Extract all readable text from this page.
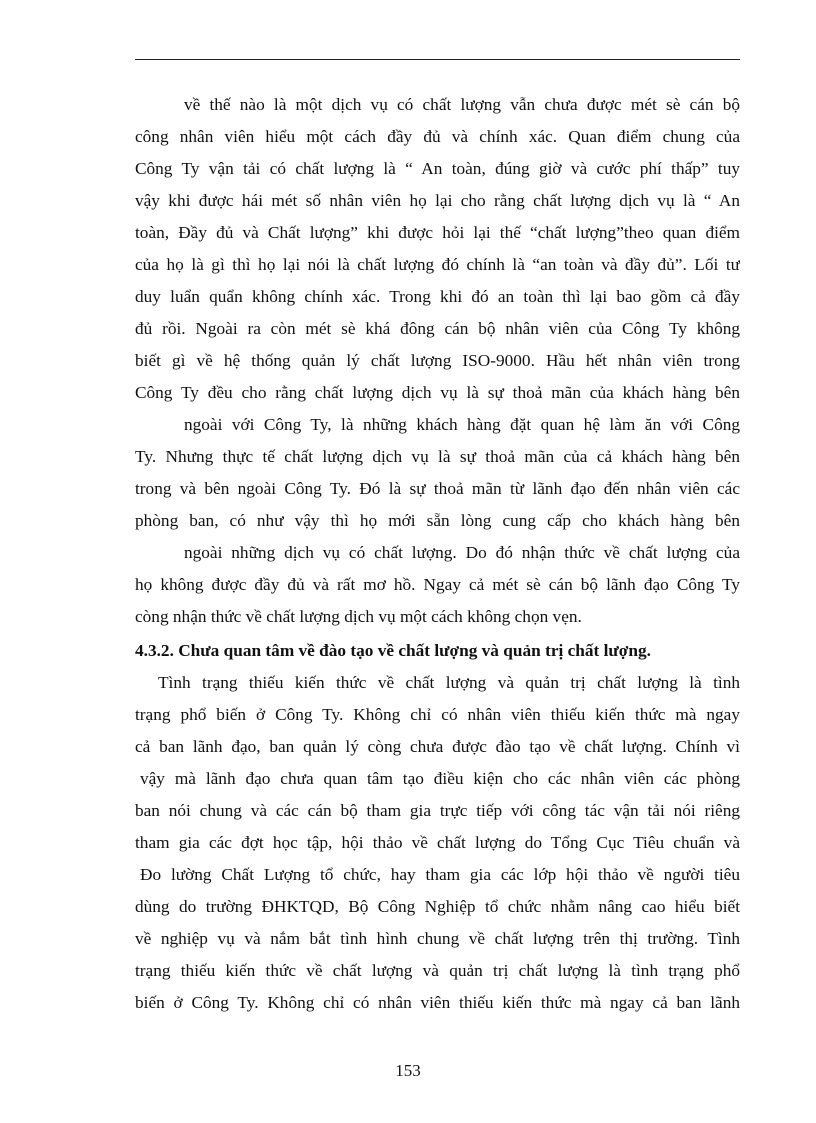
về thế nào là một dịch vụ có chất lượng vẫn chưa được mét sè cán bộ
công nhân viên hiểu một cách đầy đủ và chính xác. Quan điểm chung của
Công Ty vận tải có chất lượng là “ An toàn, đúng giờ và cước phí thấp” tuy
vậy khi được hái mét số nhân viên họ lại cho rằng chất lượng dịch vụ là “ An
toàn, Đầy đủ và Chất lượng” khi được hỏi lại thế “chất lượng”theo quan điểm
của họ là gì thì họ lại nói là chất lượng đó chính là “an toàn và đầy đủ”. Lối tư
duy luẩn quẩn không chính xác. Trong khi đó an toàn thì lại bao gồm cả đầy
đủ rồi. Ngoài ra còn mét sè khá đông cán bộ nhân viên của Công Ty không
biết gì về hệ thống quản lý chất lượng ISO-9000. Hầu hết nhân viên trong
Công Ty đều cho rằng chất lượng dịch vụ là sự thoả mãn của khách hàng bên
ngoài với Công Ty, là những khách hàng đặt quan hệ làm ăn với Công
Ty. Nhưng thực tế chất lượng dịch vụ là sự thoả mãn của cả khách hàng bên
trong và bên ngoài Công Ty. Đó là sự thoả mãn từ lãnh đạo đến nhân viên các
phòng ban, có như vậy thì họ mới sẵn lòng cung cấp cho khách hàng bên
ngoài những dịch vụ có chất lượng. Do đó nhận thức về chất lượng của
họ không được đầy đủ và rất mơ hồ. Ngay cả mét sè cán bộ lãnh đạo Công Ty
còng nhận thức về chất lượng dịch vụ một cách không chọn vẹn.
4.3.2. Chưa quan tâm về đào tạo về chất lượng và quản trị chất lượng.
Tình trạng thiếu kiến thức về chất lượng và quản trị chất lượng là tình
trạng phổ biến ở Công Ty. Không chỉ có nhân viên thiếu kiến thức mà ngay
cả ban lãnh đạo, ban quản lý còng chưa được đào tạo về chất lượng. Chính vì
vậy mà lãnh đạo chưa quan tâm tạo điều kiện cho các nhân viên các phòng
ban nói chung và các cán bộ tham gia trực tiếp với công tác vận tải nói riêng
tham gia các đợt học tập, hội thảo về chất lượng do Tổng Cục Tiêu chuẩn và
Đo lường Chất Lượng tổ chức, hay tham gia các lớp hội thảo về người tiêu
dùng do trường ĐHKTQD, Bộ Công Nghiệp tổ chức nhằm nâng cao hiểu biết
về nghiệp vụ và nắm bắt tình hình chung về chất lượng trên thị trường. Tình
trạng thiếu kiến thức về chất lượng và quản trị chất lượng là tình trạng phổ
biến ở Công Ty. Không chỉ có nhân viên thiếu kiến thức mà ngay cả ban lãnh
153
